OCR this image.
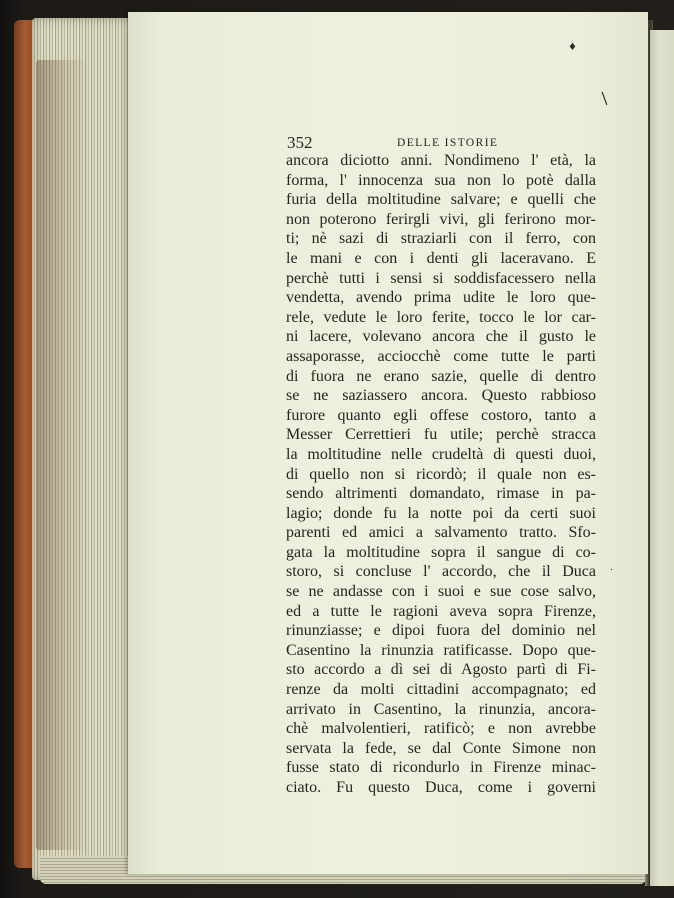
♦
|
·
352	DELLE ISTORIE
ancora diciotto anni. Nondimeno l' età, la
forma, l' innocenza sua non lo potè dalla
furia della moltitudine salvare; e quelli che
non poterono ferirgli vivi, gli ferirono mor-
ti; nè sazi di straziarli con il ferro, con
le mani e con i denti gli laceravano. E
perchè tutti i sensi si soddisfacessero nella
vendetta, avendo prima udite le loro que-
rele, vedute le loro ferite, tocco le lor car-
ni lacere, volevano ancora che il gusto le
assaporasse, acciocchè come tutte le parti
di fuora ne erano sazie, quelle di dentro
se ne saziassero ancora. Questo rabbioso
furore quanto egli offese costoro, tanto a
Messer Cerrettieri fu utile; perchè stracca
la moltitudine nelle crudeltà di questi duoi,
di quello non si ricordò; il quale non es-
sendo altrimenti domandato, rimase in pa-
lagio; donde fu la notte poi da certi suoi
parenti ed amici a salvamento tratto. Sfo-
gata la moltitudine sopra il sangue di co-
storo, si concluse l' accordo, che il Duca
se ne andasse con i suoi e sue cose salvo,
ed a tutte le ragioni aveva sopra Firenze,
rinunziasse; e dipoi fuora del dominio nel
Casentino la rinunzia ratificasse. Dopo que-
sto accordo a dì sei di Agosto partì di Fi-
renze da molti cittadini accompagnato; ed
arrivato in Casentino, la rinunzia, ancora-
chè malvolentieri, ratificò; e non avrebbe
servata la fede, se dal Conte Simone non
fusse stato di ricondurlo in Firenze minac-
ciato. Fu questo Duca, come i governi
